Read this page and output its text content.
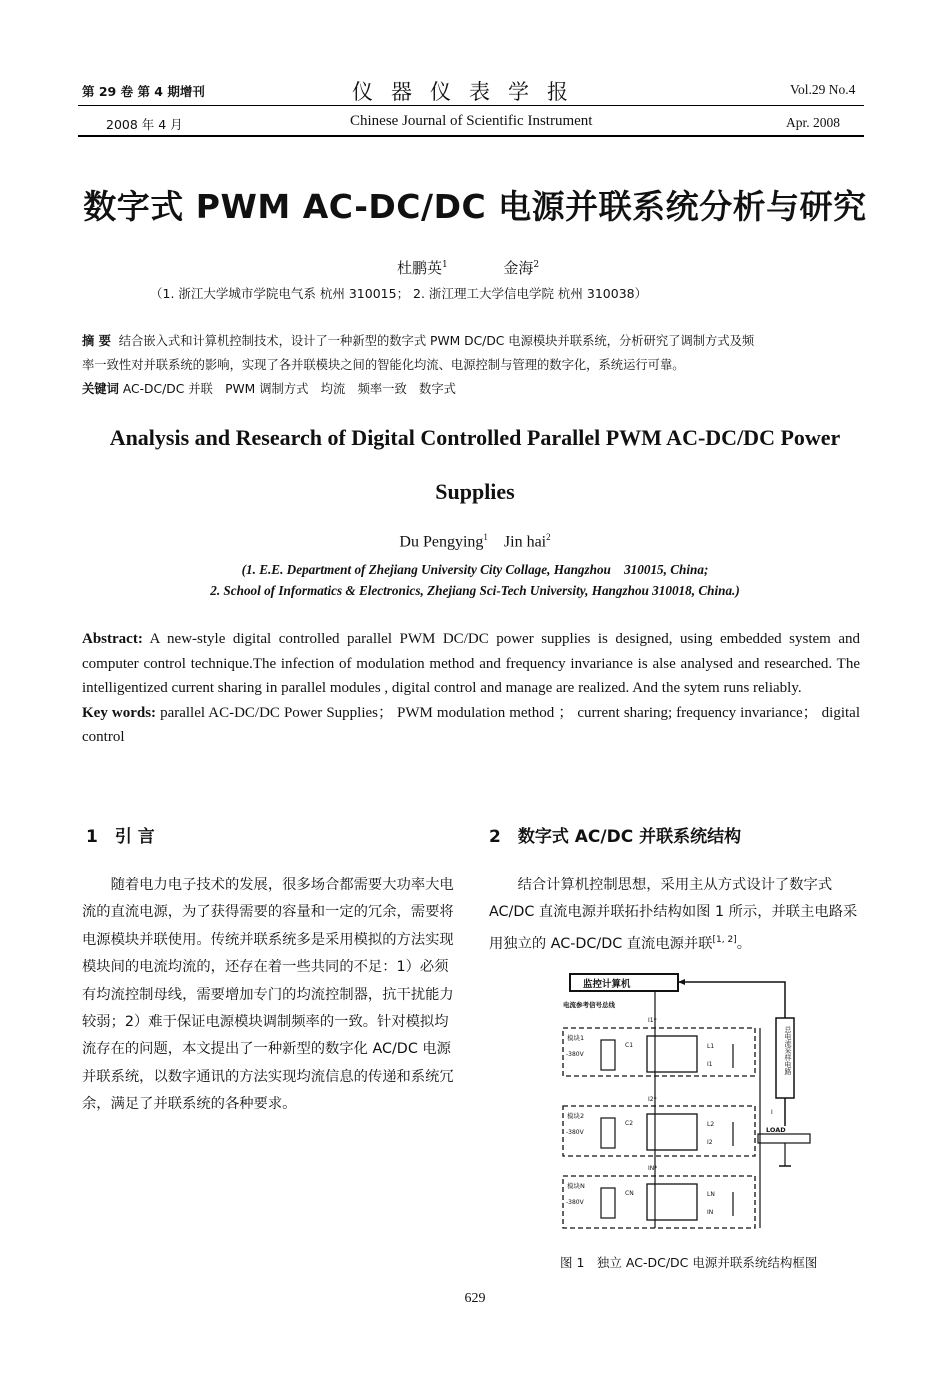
第 29 卷 第 4 期增刊	仪器仪表学报	Vol.29 No.4
2008 年 4 月	Chinese Journal of Scientific Instrument	Apr. 2008
数字式 PWM AC-DC/DC 电源并联系统分析与研究
杜鹏英$^1$	金海$^2$
（1. 浙江大学城市学院电气系 杭州 310015； 2. 浙江理工大学信电学院 杭州 310038）
摘 要 结合嵌入式和计算机控制技术，设计了一种新型的数字式 PWM DC/DC 电源模块并联系统，分析研究了调制方式及频
率一致性对并联系统的影响，实现了各并联模块之间的智能化均流、电源控制与管理的数字化，系统运行可靠。
关键词 AC-DC/DC 并联　PWM 调制方式　均流　频率一致　数字式
Analysis and Research of Digital Controlled Parallel PWM AC-DC/DC Power
Supplies
Du Pengying$^1$ Jin hai$^2$
(1. E.E. Department of Zhejiang University City Collage, Hangzhou　310015, China;
2. School of Informatics & Electronics, Zhejiang Sci-Tech University, Hangzhou 310018, China.)
Abstract: A new-style digital controlled parallel PWM DC/DC power supplies is designed, using embedded system and computer control technique.The infection of modulation method and frequency invariance is alse analysed and researched. The intelligentized current sharing in parallel modules , digital control and manage are realized. And the sytem runs reliably.
Key words: parallel AC-DC/DC Power Supplies； PWM modulation method ； current sharing; frequency invariance； digital control
1　引 言

随着电力电子技术的发展，很多场合都需要大功率大电流的直流电源，为了获得需要的容量和一定的冗余，需要将电源模块并联使用。传统并联系统多是采用模拟的方法实现模块间的电流均流的，还存在着一些共同的不足：1）必须有均流控制母线，需要增加专门的均流控制器，抗干扰能力较弱；2）难于保证电源模块调制频率的一致。针对模拟均流存在的问题，本文提出了一种新型的数字化 AC/DC 电源并联系统，以数字通讯的方法实现均流信息的传递和系统冗余，满足了并联系统的各种要求。

2　数字式 AC/DC 并联系统结构

结合计算机控制思想，采用主从方式设计了数字式 AC/DC 直流电源并联拓扑结构如图 1 所示，并联主电路采用独立的 AC-DC/DC 直流电源并联[1, 2]。

监控计算机
总电流采样电路
电流参考信号总线
模块1
-380V
C1	L1
I1
I1*
模块2
-380V
C2	L2
I2
I2*
LOAD
I
模块N
-380V
CN	LN
IN
IN*
图 1　独立 AC-DC/DC 电源并联系统结构框图
629
